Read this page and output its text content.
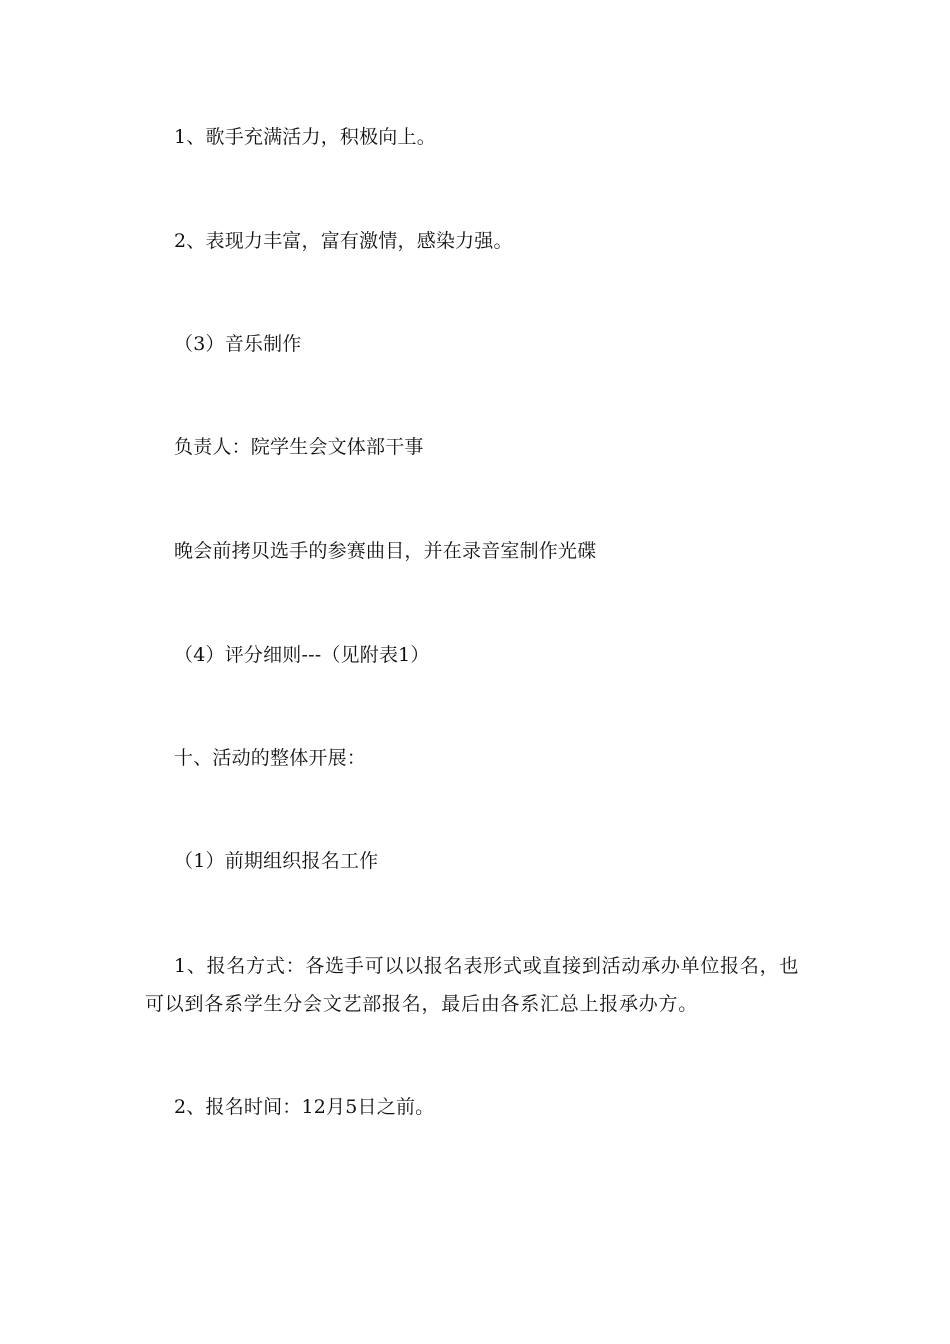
1、歌手充满活力，积极向上。

2、表现力丰富，富有激情，感染力强。

（3）音乐制作

负责人：院学生会文体部干事

晚会前拷贝选手的参赛曲目，并在录音室制作光碟

（4）评分细则---（见附表1）

十、活动的整体开展：

（1）前期组织报名工作

1、报名方式：各选手可以以报名表形式或直接到活动承办单位报名，也可以到各系学生分会文艺部报名，最后由各系汇总上报承办方。

2、报名时间：12月5日之前。
